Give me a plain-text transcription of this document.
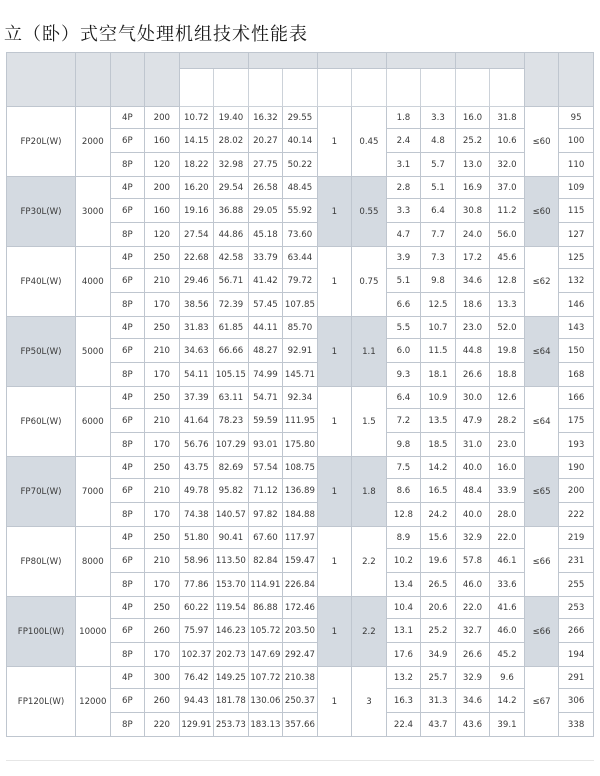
立（卧）式空气处理机组技术性能表

FP20L(W)	2000	4P	200	10.72	19.40	16.32	29.55	1	0.45	1.8	3.3	16.0	31.8	≤60	95
		6P	160	14.15	28.02	20.27	40.14			2.4	4.8	25.2	10.6		100
		8P	120	18.22	32.98	27.75	50.22			3.1	5.7	13.0	32.0		110
FP30L(W)	3000	4P	200	16.20	29.54	26.58	48.45	1	0.55	2.8	5.1	16.9	37.0	≤60	109
		6P	160	19.16	36.88	29.05	55.92			3.3	6.4	30.8	11.2		115
		8P	120	27.54	44.86	45.18	73.60			4.7	7.7	24.0	56.0		127
FP40L(W)	4000	4P	250	22.68	42.58	33.79	63.44	1	0.75	3.9	7.3	17.2	45.6	≤62	125
		6P	210	29.46	56.71	41.42	79.72			5.1	9.8	34.6	12.8		132
		8P	170	38.56	72.39	57.45	107.85			6.6	12.5	18.6	13.3		146
FP50L(W)	5000	4P	250	31.83	61.85	44.11	85.70	1	1.1	5.5	10.7	23.0	52.0	≤64	143
		6P	210	34.63	66.66	48.27	92.91			6.0	11.5	44.8	19.8		150
		8P	170	54.11	105.15	74.99	145.71			9.3	18.1	26.6	18.8		168
FP60L(W)	6000	4P	250	37.39	63.11	54.71	92.34	1	1.5	6.4	10.9	30.0	12.6	≤64	166
		6P	210	41.64	78.23	59.59	111.95			7.2	13.5	47.9	28.2		175
		8P	170	56.76	107.29	93.01	175.80			9.8	18.5	31.0	23.0		193
FP70L(W)	7000	4P	250	43.75	82.69	57.54	108.75	1	1.8	7.5	14.2	40.0	16.0	≤65	190
		6P	210	49.78	95.82	71.12	136.89			8.6	16.5	48.4	33.9		200
		8P	170	74.38	140.57	97.82	184.88			12.8	24.2	40.0	28.0		222
FP80L(W)	8000	4P	250	51.80	90.41	67.60	117.97	1	2.2	8.9	15.6	32.9	22.0	≤66	219
		6P	210	58.96	113.50	82.84	159.47			10.2	19.6	57.8	46.1		231
		8P	170	77.86	153.70	114.91	226.84			13.4	26.5	46.0	33.6		255
FP100L(W)	10000	4P	250	60.22	119.54	86.88	172.46	1	2.2	10.4	20.6	22.0	41.6	≤66	253
		6P	260	75.97	146.23	105.72	203.50			13.1	25.2	32.7	46.0		266
		8P	170	102.37	202.73	147.69	292.47			17.6	34.9	26.6	45.2		194
FP120L(W)	12000	4P	300	76.42	149.25	107.72	210.38	1	3	13.2	25.7	32.9	9.6	≤67	291
		6P	260	94.43	181.78	130.06	250.37			16.3	31.3	34.6	14.2		306
		8P	220	129.91	253.73	183.13	357.66			22.4	43.7	43.6	39.1		338
